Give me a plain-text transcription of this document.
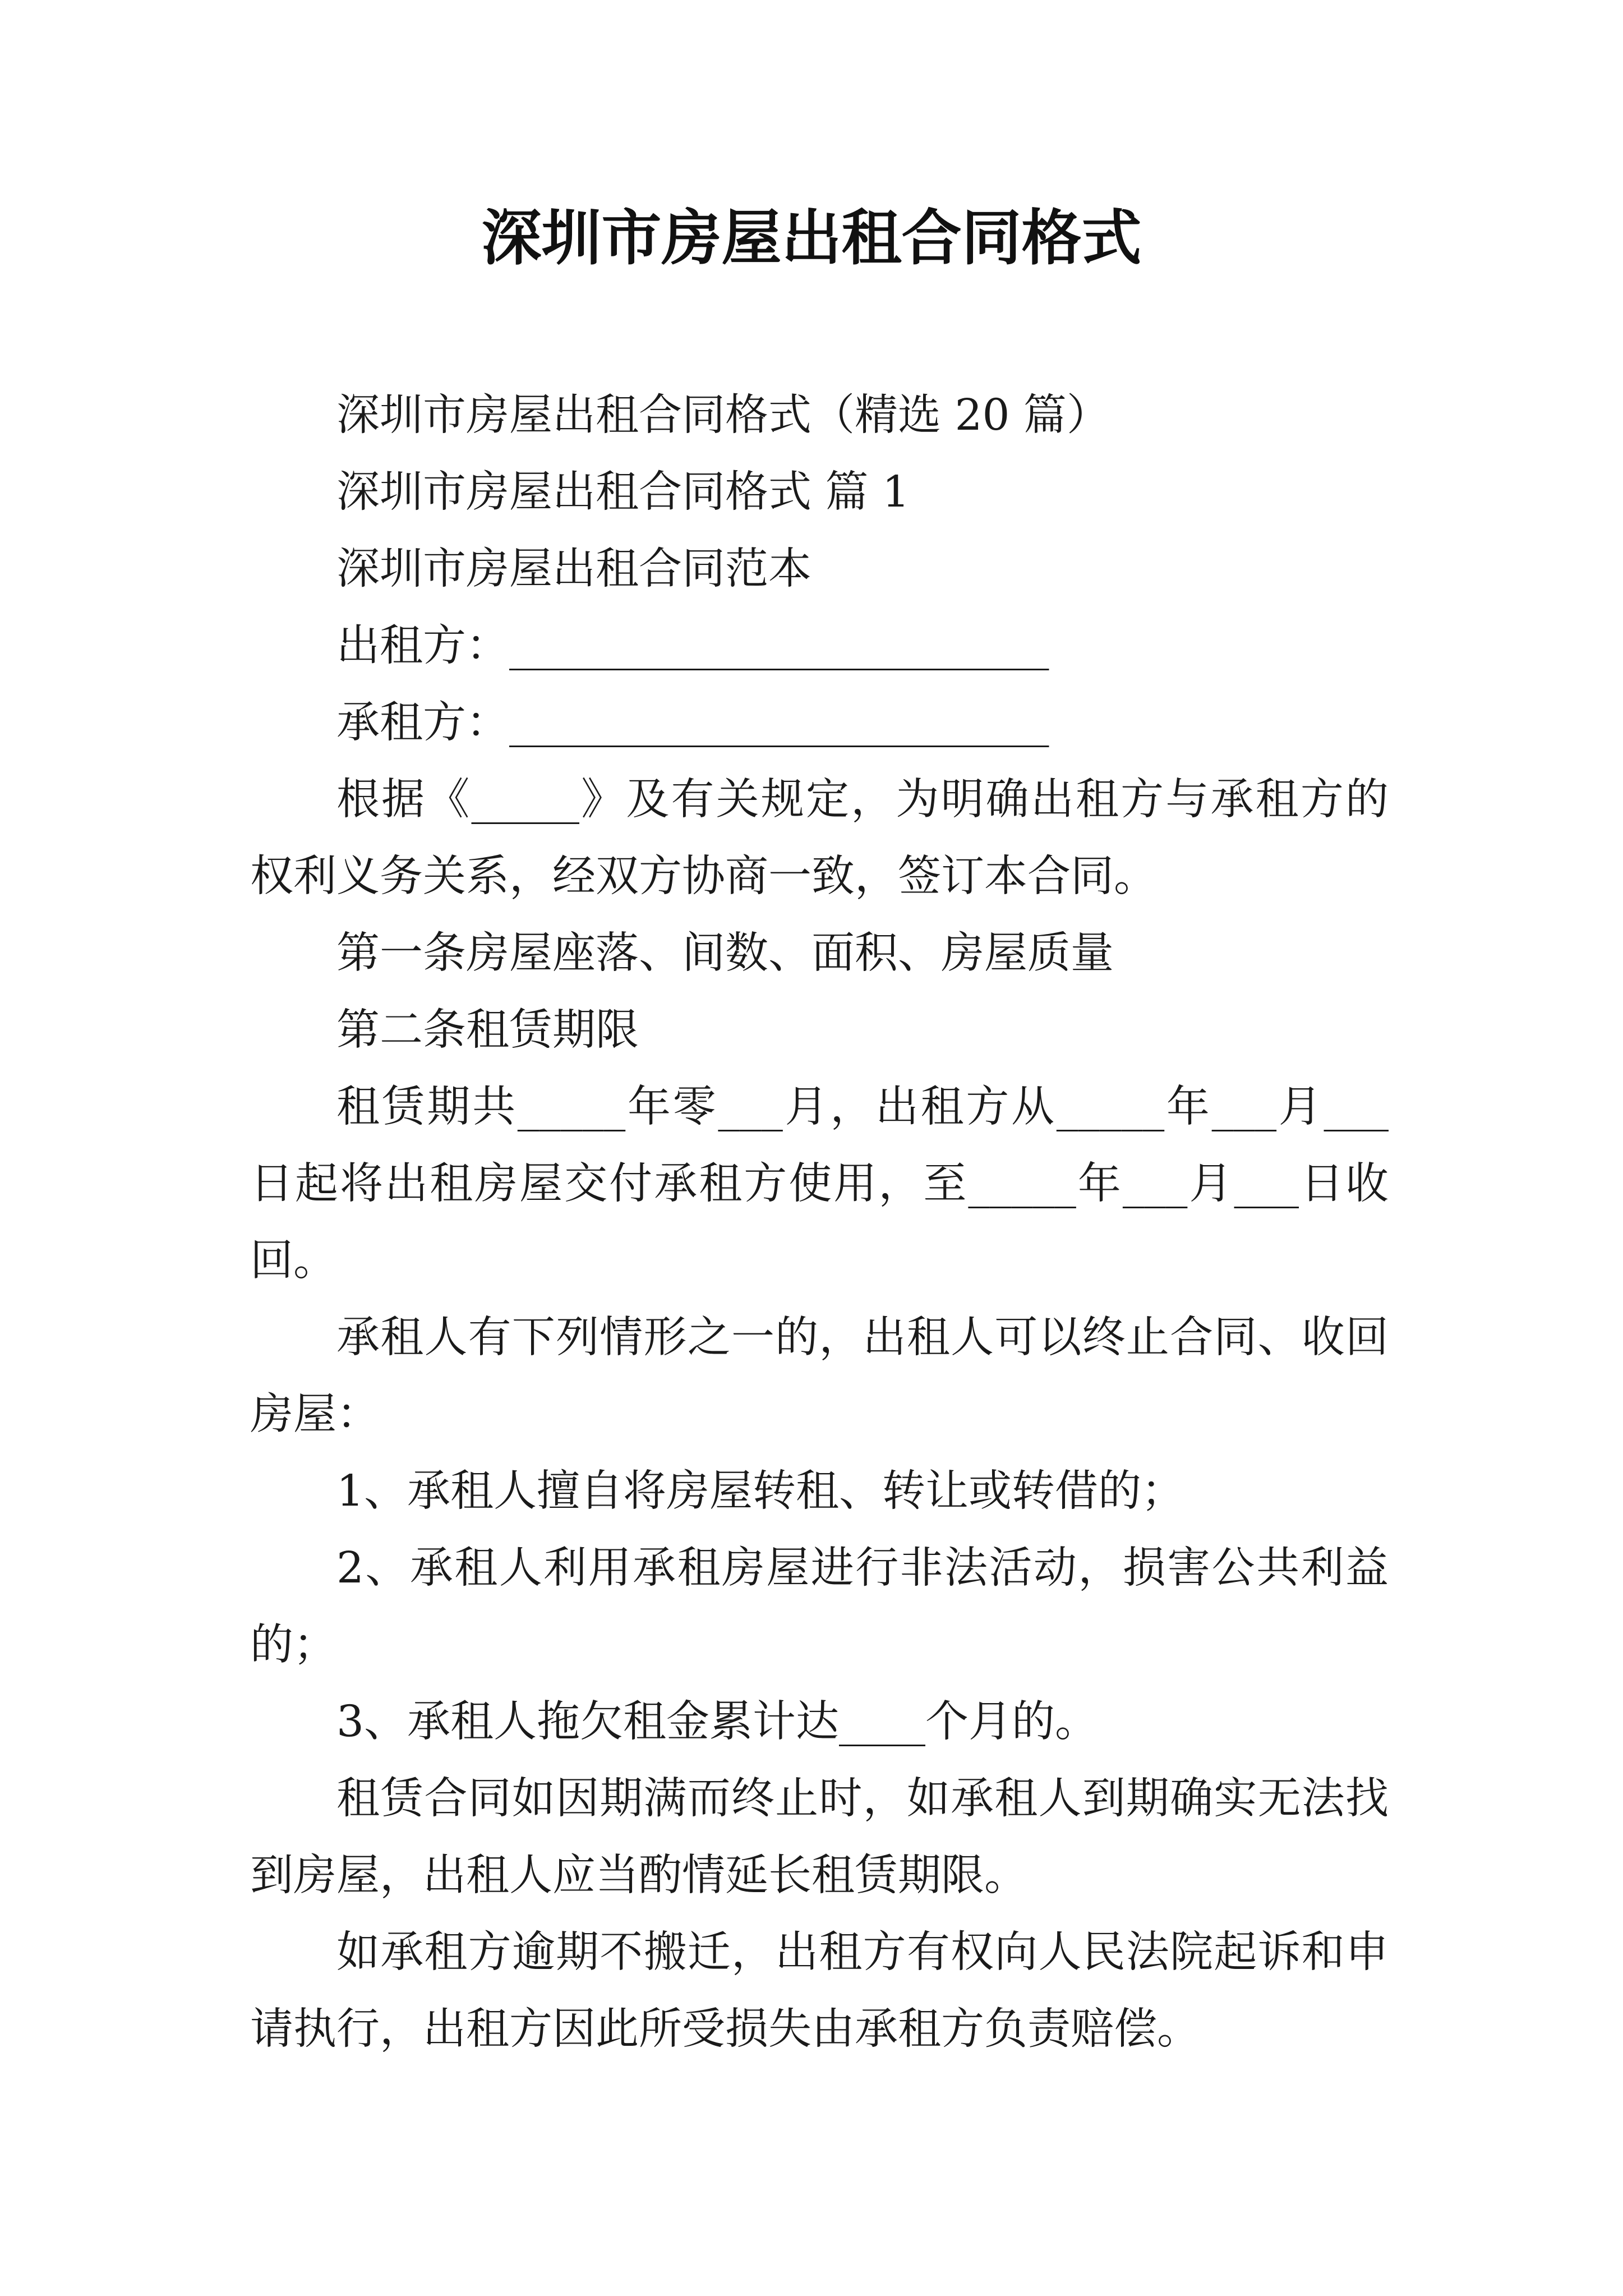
深圳市房屋出租合同格式

深圳市房屋出租合同格式（精选 20 篇）

深圳市房屋出租合同格式 篇 1

深圳市房屋出租合同范本

出租方：_________________________

承租方：_________________________

根据《_____》及有关规定，为明确出租方与承租方的权利义务关系，经双方协商一致，签订本合同。

第一条房屋座落、间数、面积、房屋质量

第二条租赁期限

租赁期共_____年零___月，出租方从_____年___月___日起将出租房屋交付承租方使用，至_____年___月___日收回。

承租人有下列情形之一的，出租人可以终止合同、收回房屋：

1、承租人擅自将房屋转租、转让或转借的；

2、承租人利用承租房屋进行非法活动，损害公共利益的；

3、承租人拖欠租金累计达____个月的。

租赁合同如因期满而终止时，如承租人到期确实无法找到房屋，出租人应当酌情延长租赁期限。

如承租方逾期不搬迁，出租方有权向人民法院起诉和申请执行，出租方因此所受损失由承租方负责赔偿。
